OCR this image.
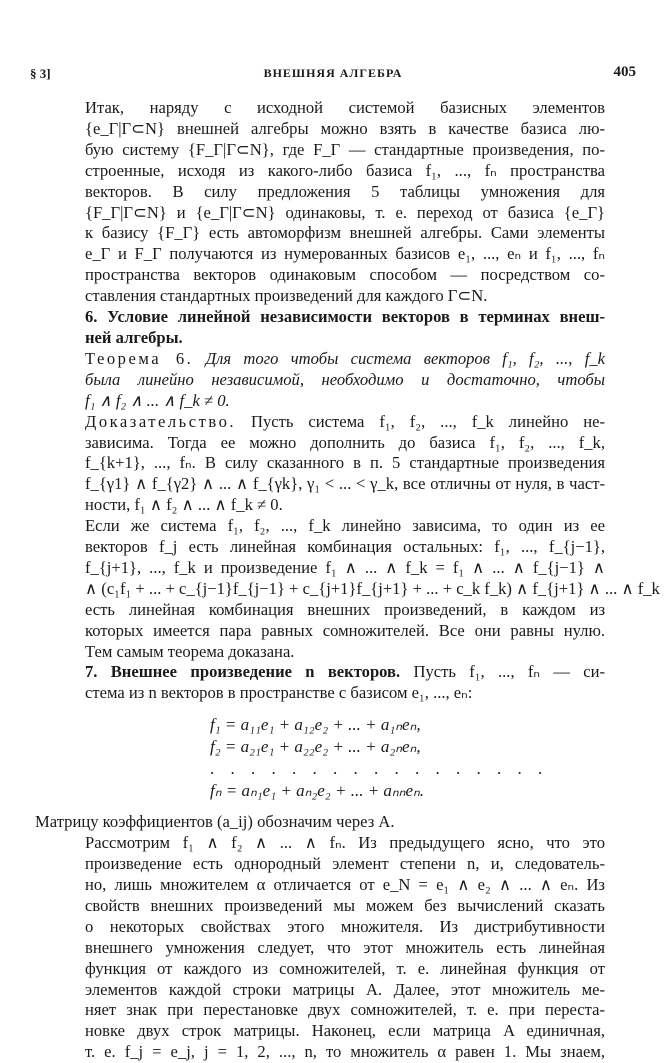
§ 3]	ВНЕШНЯЯ АЛГЕБРА	405
Итак, наряду с исходной системой базисных элементов
{e_Г|Г⊂N} внешней алгебры можно взять в качестве базиса лю-
бую систему {F_Г|Г⊂N}, где F_Г — стандартные произведения, по-
строенные, исходя из какого-либо базиса f₁, ..., fₙ пространства
векторов. В силу предложения 5 таблицы умножения для
{F_Г|Г⊂N} и {e_Г|Г⊂N} одинаковы, т. е. переход от базиса {e_Г}
к базису {F_Г} есть автоморфизм внешней алгебры. Сами элементы
e_Г и F_Г получаются из нумерованных базисов e₁, ..., eₙ и f₁, ..., fₙ
пространства векторов одинаковым способом — посредством со-
ставления стандартных произведений для каждого Г⊂N.
6. Условие линейной независимости векторов в терминах внеш-
ней алгебры.
Теорема 6. Для того чтобы система векторов f₁, f₂, ..., f_k
была линейно независимой, необходимо и достаточно, чтобы
f₁ ∧ f₂ ∧ ... ∧ f_k ≠ 0.
Доказательство. Пусть система f₁, f₂, ..., f_k линейно не-
зависима. Тогда ее можно дополнить до базиса f₁, f₂, ..., f_k,
f_{k+1}, ..., fₙ. В силу сказанного в п. 5 стандартные произведения
f_{γ1} ∧ f_{γ2} ∧ ... ∧ f_{γk}, γ₁ < ... < γ_k, все отличны от нуля, в част-
ности, f₁ ∧ f₂ ∧ ... ∧ f_k ≠ 0.
Если же система f₁, f₂, ..., f_k линейно зависима, то один из ее
векторов f_j есть линейная комбинация остальных: f₁, ..., f_{j−1},
f_{j+1}, ..., f_k и произведение f₁ ∧ ... ∧ f_k = f₁ ∧ ... ∧ f_{j−1} ∧
∧ (c₁f₁ + ... + c_{j−1}f_{j−1} + c_{j+1}f_{j+1} + ... + c_k f_k) ∧ f_{j+1} ∧ ... ∧ f_k
есть линейная комбинация внешних произведений, в каждом из
которых имеется пара равных сомножителей. Все они равны нулю.
Тем самым теорема доказана.
7. Внешнее произведение n векторов. Пусть f₁, ..., fₙ — си-
стема из n векторов в пространстве с базисом e₁, ..., eₙ:
f₁ = a₁₁e₁ + a₁₂e₂ + ... + a₁ₙeₙ,
f₂ = a₂₁e₁ + a₂₂e₂ + ... + a₂ₙeₙ,
. . . . . . . . . . . . . . . . .
fₙ = aₙ₁e₁ + aₙ₂e₂ + ... + aₙₙeₙ.
Матрицу коэффициентов (a_ij) обозначим через A.
Рассмотрим f₁ ∧ f₂ ∧ ... ∧ fₙ. Из предыдущего ясно, что это
произведение есть однородный элемент степени n, и, следователь-
но, лишь множителем α отличается от e_N = e₁ ∧ e₂ ∧ ... ∧ eₙ. Из
свойств внешних произведений мы можем без вычислений сказать
о некоторых свойствах этого множителя. Из дистрибутивности
внешнего умножения следует, что этот множитель есть линейная
функция от каждого из сомножителей, т. е. линейная функция от
элементов каждой строки матрицы A. Далее, этот множитель ме-
няет знак при перестановке двух сомножителей, т. е. при переста-
новке двух строк матрицы. Наконец, если матрица A единичная,
т. е. f_j = e_j, j = 1, 2, ..., n, то множитель α равен 1. Мы знаем,
